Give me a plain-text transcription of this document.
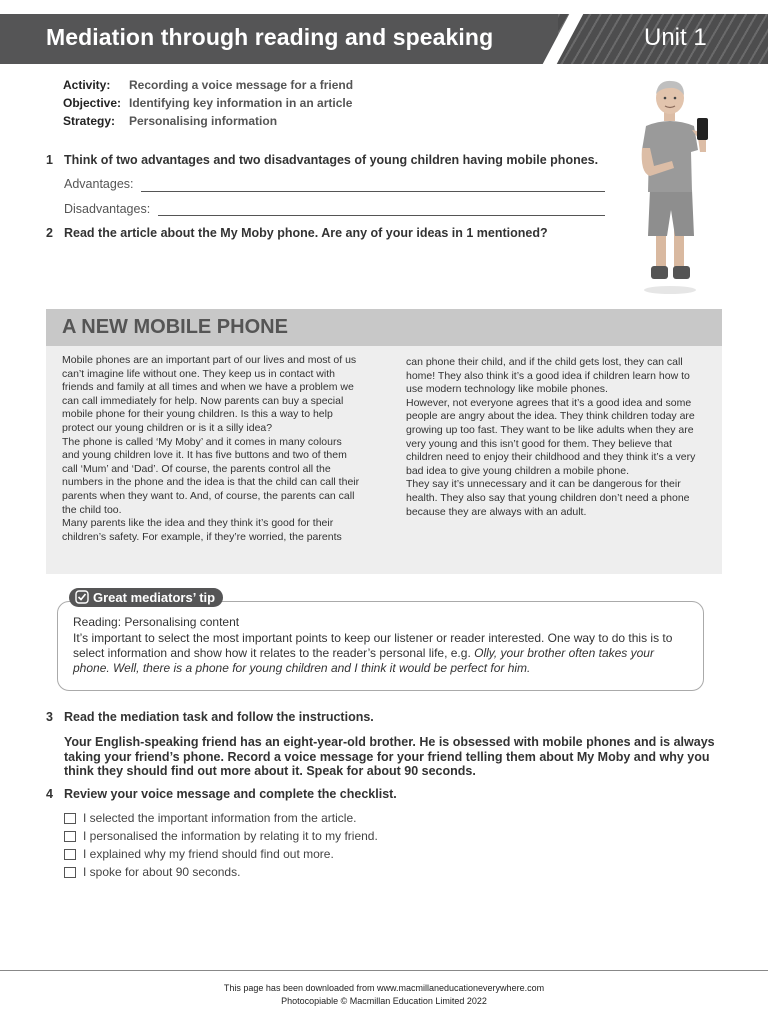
Mediation through reading and speaking	Unit 1
Activity:	Recording a voice message for a friend
Objective: Identifying key information in an article
Strategy:	Personalising information
1 Think of two advantages and two disadvantages of young children having mobile phones.
Advantages:
Disadvantages:
2 Read the article about the My Moby phone. Are any of your ideas in 1 mentioned?
A NEW MOBILE PHONE

Mobile phones are an important part of our lives and most of us can’t imagine life without one. They keep us in contact with friends and family at all times and when we have a problem we can call immediately for help. Now parents can buy a special mobile phone for their young children. Is this a way to help protect our young children or is it a silly idea?

The phone is called ‘My Moby’ and it comes in many colours and young children love it. It has five buttons and two of them call ‘Mum’ and ‘Dad’. Of course, the parents control all the numbers in the phone and the idea is that the child can call their parents when they want to. And, of course, the parents can call the child too.

Many parents like the idea and they think it’s good for their children’s safety. For example, if they’re worried, the parents

can phone their child, and if the child gets lost, they can call home! They also think it’s a good idea if children learn how to use modern technology like mobile phones.

However, not everyone agrees that it’s a good idea and some people are angry about the idea. They think children today are growing up too fast. They want to be like adults when they are very young and this isn’t good for them. They believe that children need to enjoy their childhood and they think it’s a very bad idea to give young children a mobile phone.

They say it’s unnecessary and it can be dangerous for their health. They also say that young children don’t need a phone because they are always with an adult.

Reading: Personalising content
It’s important to select the most important points to keep our listener or reader interested. One way to do this is to select information and show how it relates to the reader’s personal life, e.g. Olly, your brother often takes your phone. Well, there is a phone for young children and I think it would be perfect for him.
Great mediators’ tip
3 Read the mediation task and follow the instructions.
Your English-speaking friend has an eight-year-old brother. He is obsessed with mobile phones and is always taking your friend’s phone. Record a voice message for your friend telling them about My Moby and why you think they should find out more about it. Speak for about 90 seconds.
4 Review your voice message and complete the checklist.
I selected the important information from the article.
I personalised the information by relating it to my friend.
I explained why my friend should find out more.
I spoke for about 90 seconds.
This page has been downloaded from www.macmillaneducationeverywhere.com
Photocopiable © Macmillan Education Limited 2022
